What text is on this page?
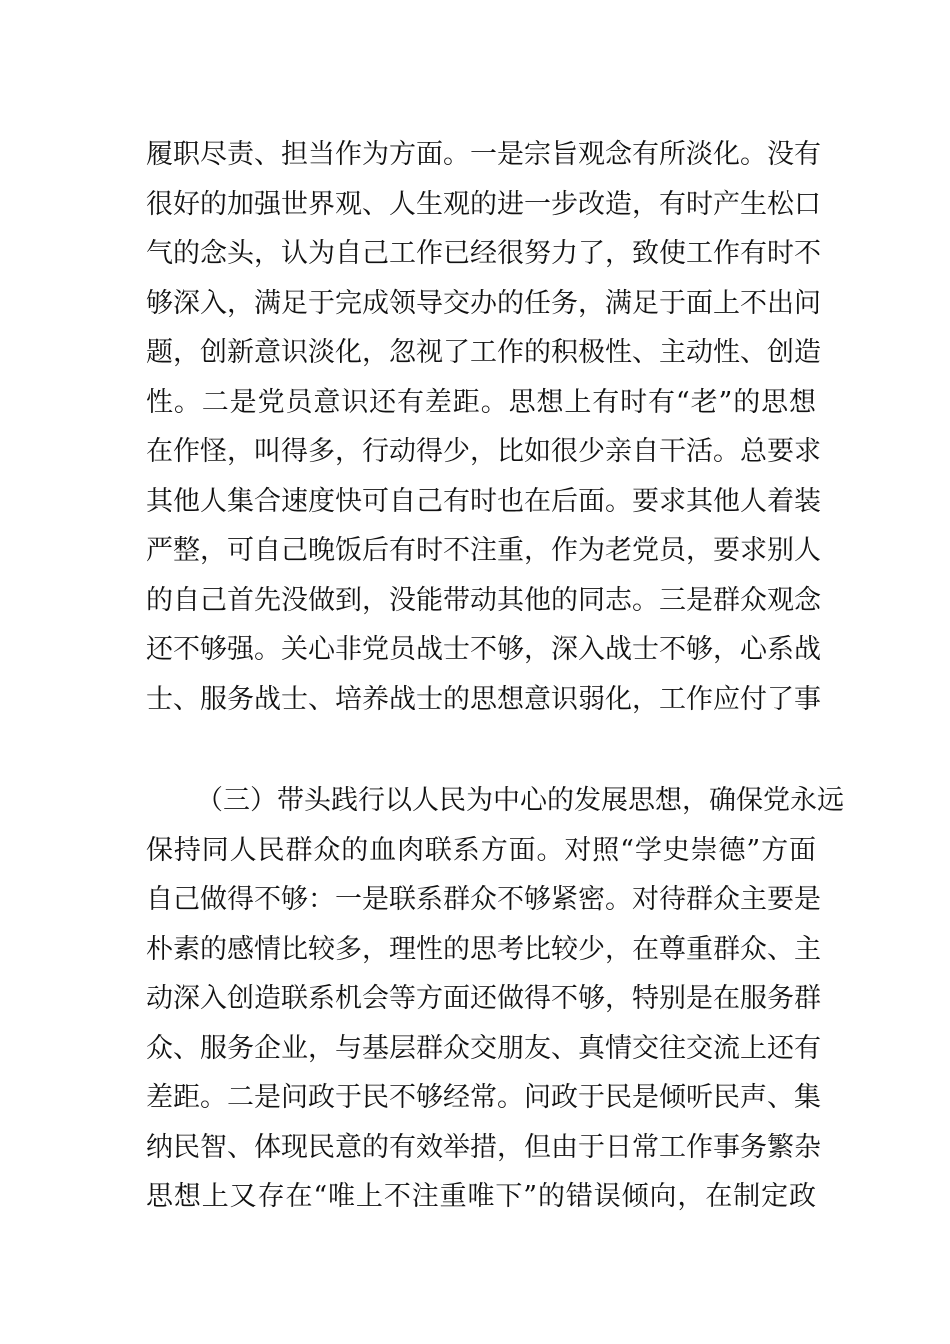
履职尽责、担当作为方面。一是宗旨观念有所淡化。没有
很好的加强世界观、人生观的进一步改造，有时产生松口
气的念头，认为自己工作已经很努力了，致使工作有时不
够深入，满足于完成领导交办的任务，满足于面上不出问
题，创新意识淡化，忽视了工作的积极性、主动性、创造
性。二是党员意识还有差距。思想上有时有“老”的思想
在作怪，叫得多，行动得少，比如很少亲自干活。总要求
其他人集合速度快可自己有时也在后面。要求其他人着装
严整，可自己晚饭后有时不注重，作为老党员，要求别人
的自己首先没做到，没能带动其他的同志。三是群众观念
还不够强。关心非党员战士不够，深入战士不够，心系战
士、服务战士、培养战士的思想意识弱化，工作应付了事
（三）带头践行以人民为中心的发展思想，确保党永远
保持同人民群众的血肉联系方面。对照“学史崇德”方面
自己做得不够：一是联系群众不够紧密。对待群众主要是
朴素的感情比较多，理性的思考比较少，在尊重群众、主
动深入创造联系机会等方面还做得不够，特别是在服务群
众、服务企业，与基层群众交朋友、真情交往交流上还有
差距。二是问政于民不够经常。问政于民是倾听民声、集
纳民智、体现民意的有效举措，但由于日常工作事务繁杂
思想上又存在“唯上不注重唯下”的错误倾向，在制定政
